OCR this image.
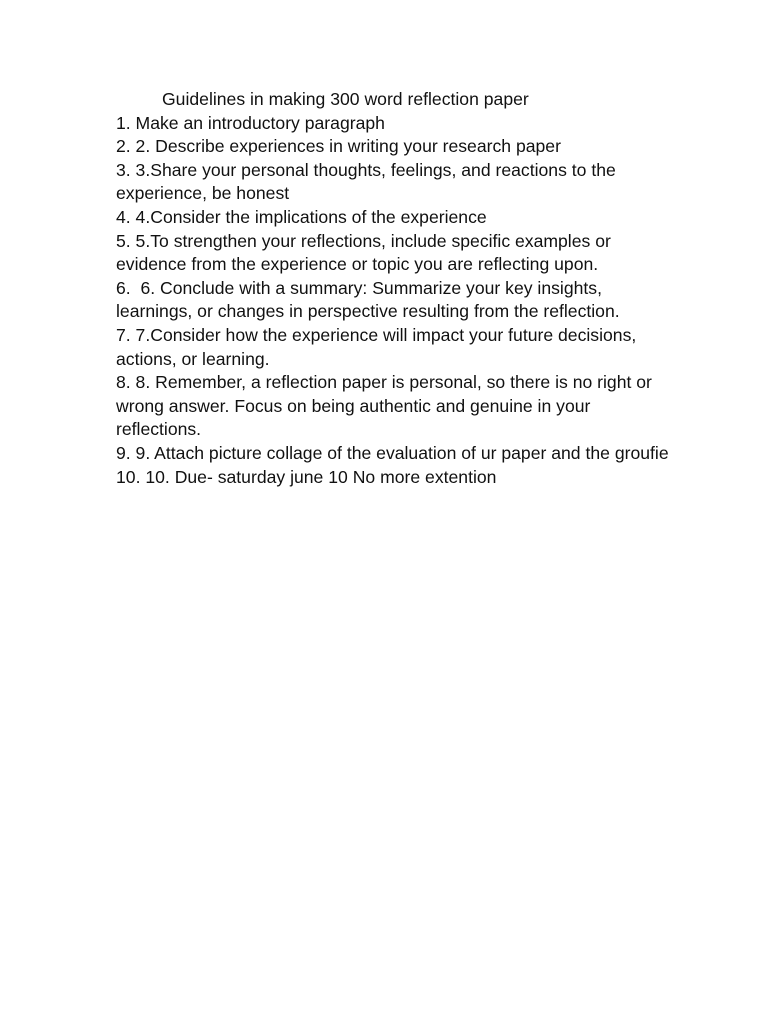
Guidelines in making 300 word reflection paper

1. Make an introductory paragraph

2. 2. Describe experiences in writing your research paper

3. 3.Share your personal thoughts, feelings, and reactions to the experience, be honest

4. 4.Consider the implications of the experience

5. 5.To strengthen your reflections, include specific examples or evidence from the experience or topic you are reflecting upon.

6.  6. Conclude with a summary: Summarize your key insights, learnings, or changes in perspective resulting from the reflection.

7. 7.Consider how the experience will impact your future decisions, actions, or learning.

8. 8. Remember, a reflection paper is personal, so there is no right or wrong answer. Focus on being authentic and genuine in your reflections.

9. 9. Attach picture collage of the evaluation of ur paper and the groufie

10. 10. Due- saturday june 10 No more extention
